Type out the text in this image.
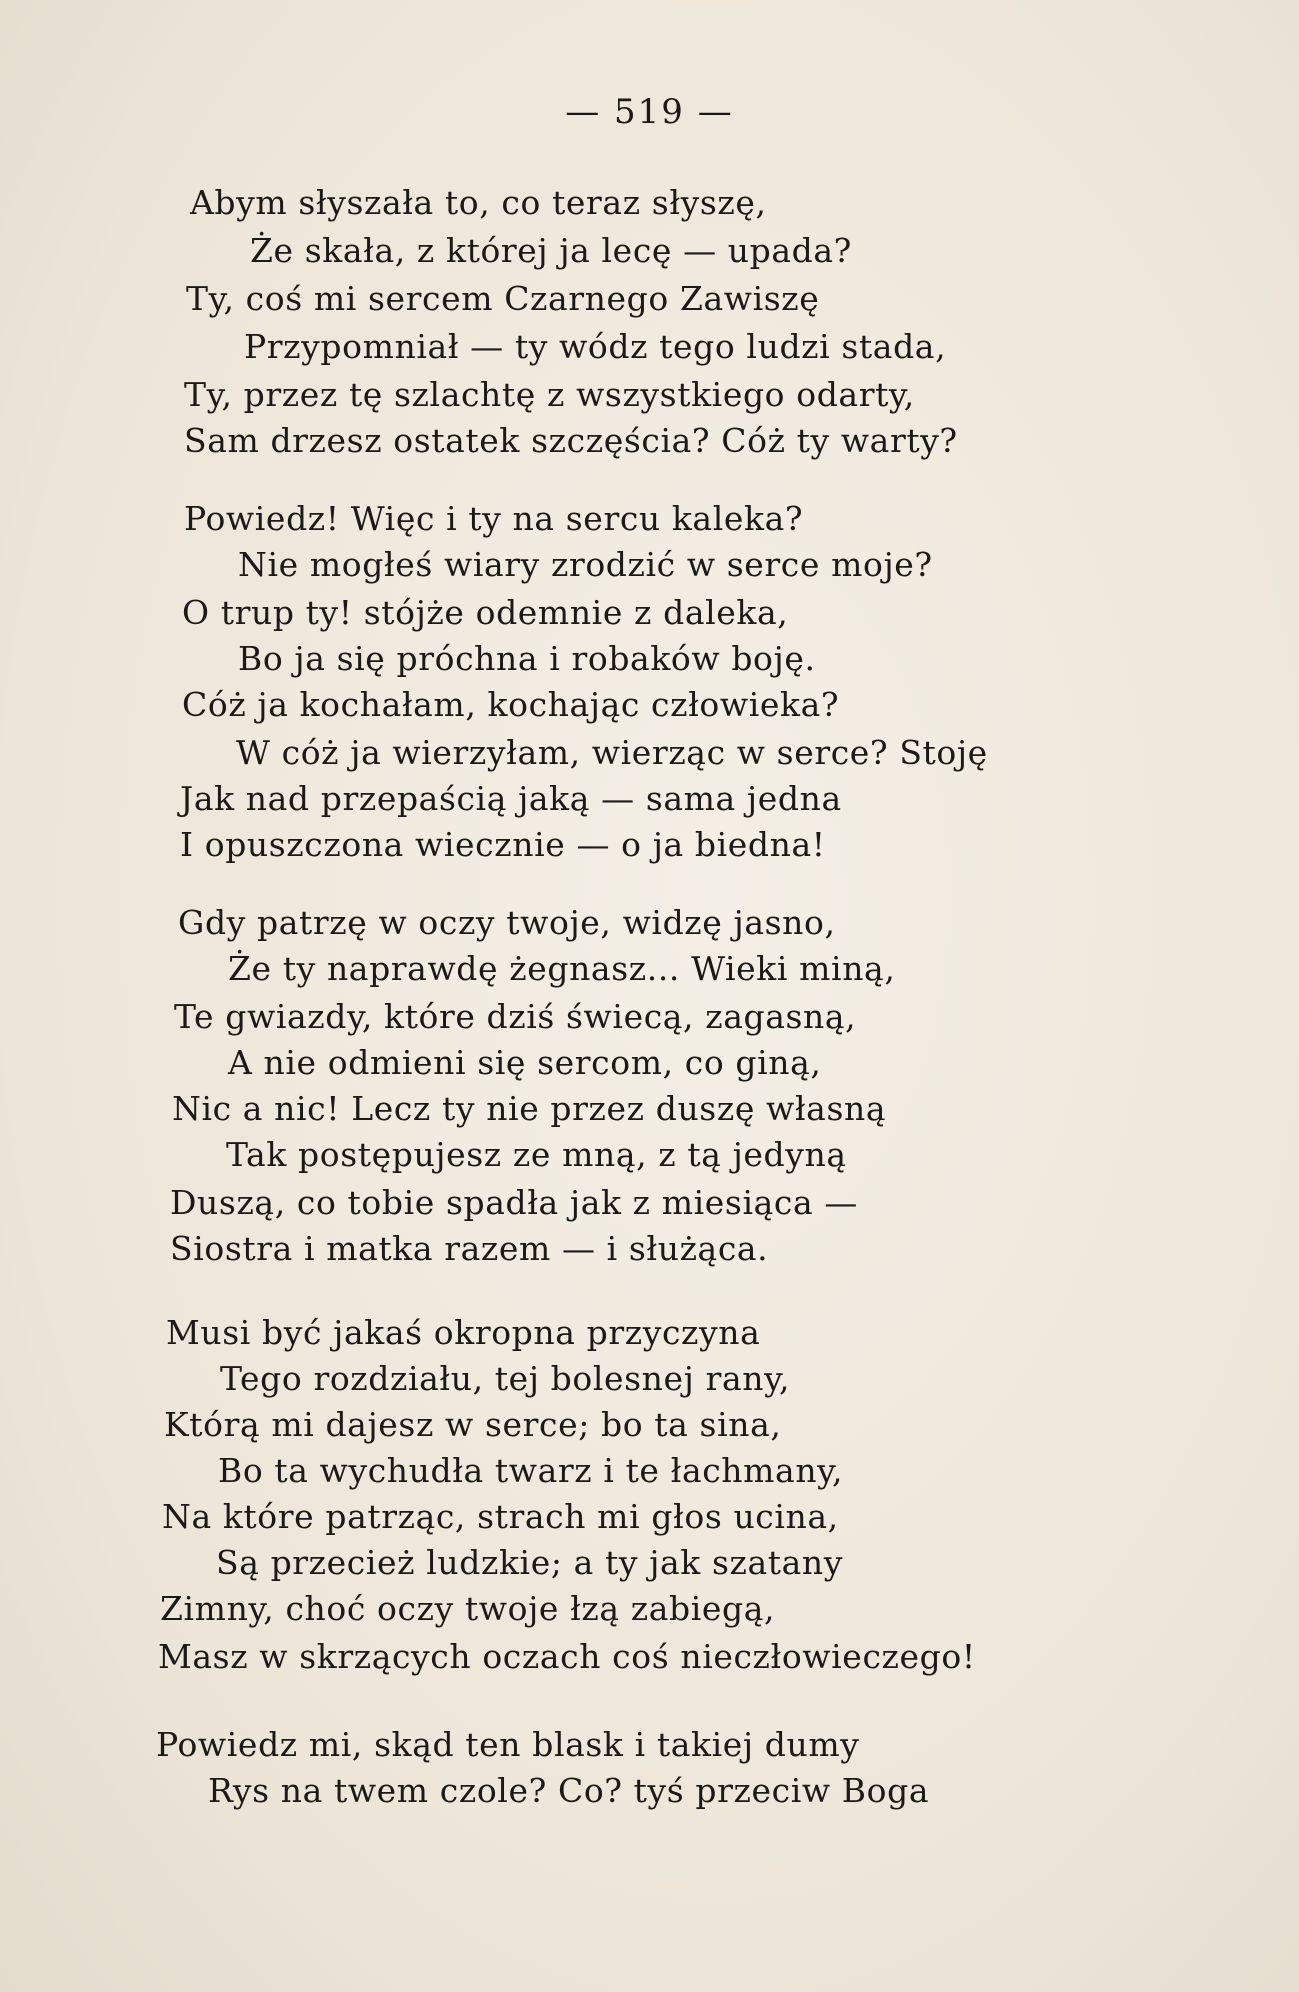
— 519 —
Abym słyszała to, co teraz słyszę,
Że skała, z której ja lecę — upada?
Ty, coś mi sercem Czarnego Zawiszę
Przypomniał — ty wódz tego ludzi stada,
Ty, przez tę szlachtę z wszystkiego odarty,
Sam drzesz ostatek szczęścia? Cóż ty warty?
Powiedz! Więc i ty na sercu kaleka?
Nie mogłeś wiary zrodzić w serce moje?
O trup ty! stójże odemnie z daleka,
Bo ja się próchna i robaków boję.
Cóż ja kochałam, kochając człowieka?
W cóż ja wierzyłam, wierząc w serce? Stoję
Jak nad przepaścią jaką — sama jedna
I opuszczona wiecznie — o ja biedna!
Gdy patrzę w oczy twoje, widzę jasno,
Że ty naprawdę żegnasz... Wieki miną,
Te gwiazdy, które dziś świecą, zagasną,
A nie odmieni się sercom, co giną,
Nic a nic! Lecz ty nie przez duszę własną
Tak postępujesz ze mną, z tą jedyną
Duszą, co tobie spadła jak z miesiąca —
Siostra i matka razem — i służąca.
Musi być jakaś okropna przyczyna
Tego rozdziału, tej bolesnej rany,
Którą mi dajesz w serce; bo ta sina,
Bo ta wychudła twarz i te łachmany,
Na które patrząc, strach mi głos ucina,
Są przecież ludzkie; a ty jak szatany
Zimny, choć oczy twoje łzą zabiegą,
Masz w skrzących oczach coś nieczłowieczego!
Powiedz mi, skąd ten blask i takiej dumy
Rys na twem czole? Co? tyś przeciw Boga
